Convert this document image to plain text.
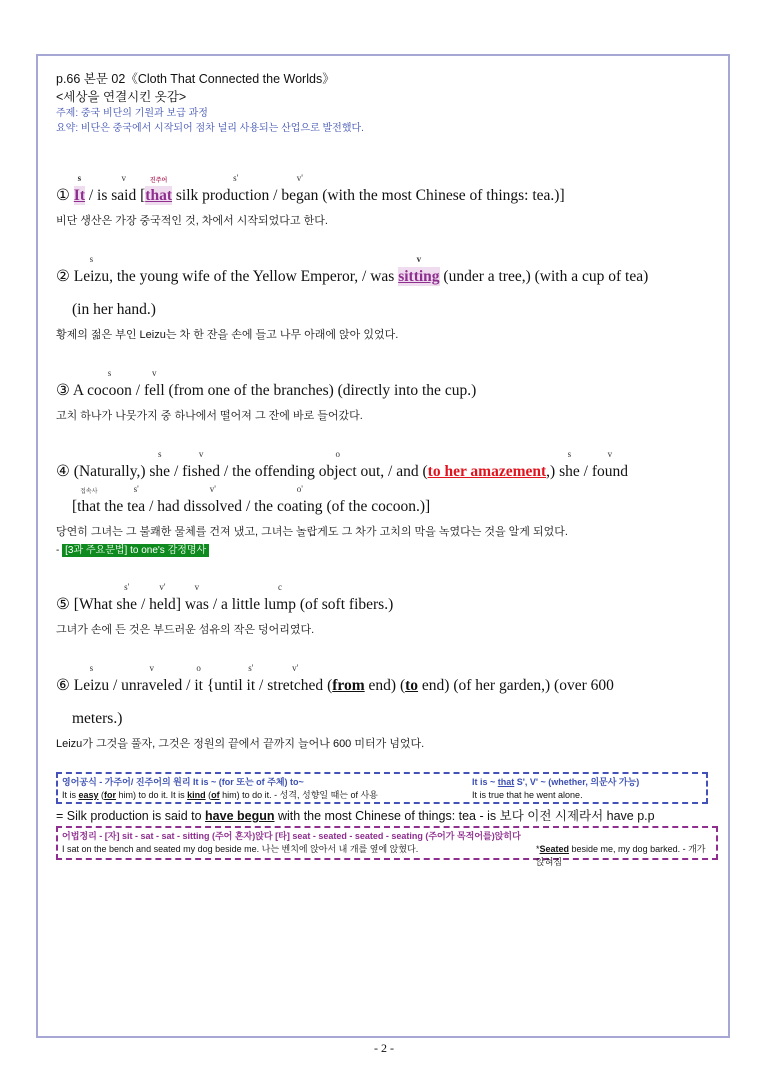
p.66 본문 02《Cloth That Connected the Worlds》
<세상을 연결시킨 옷감>
주제: 중국 비단의 기원과 보급 과정
요약: 비단은 중국에서 시작되어 점차 널리 사용되는 산업으로 발전했다.
①
s
It / is
v
said [
진주어
that silk
s'
production /
v'
began (with the most Chinese of things: tea.)]
비단 생산은 가장 중국적인 것, 차에서 시작되었다고 한다.
②
s
Leizu, the young wife of the Yellow Emperor, / was
v
sitting (under a tree,) (with a cup of tea)
(in her hand.)
황제의 젊은 부인 Leizu는 차 한 잔을 손에 들고 나무 아래에 앉아 있었다.
③ A
s
cocoon /
v
fell (from one of the branches) (directly into the cup.)
고치 하나가 나뭇가지 중 하나에서 떨어져 그 잔에 바로 들어갔다.
④ (Naturally,)
s
she /
v
fished / the offending
o
object out, / and (to her amazement,)
s
she /
v
found
[
접속사
that the
s'
tea / had
v'
dissolved / the
o'
coating (of the cocoon.)]
당연히 그녀는 그 불쾌한 물체를 건져 냈고, 그녀는 놀랍게도 그 차가 고치의 막을 녹였다는 것을 알게 되었다.
- [3과 주요문법] to one's 감정명사
⑤ [What
s'
she /
v'
held]
v
was / a little
c
lump (of soft fibers.)
그녀가 손에 든 것은 부드러운 섬유의 작은 덩어리였다.
⑥
s
Leizu /
v
unraveled /
o
it {until
s'
it /
v'
stretched (from end) (to end) (of her garden,) (over 600
meters.)
Leizu가 그것을 풀자, 그것은 정원의 끝에서 끝까지 늘어나 600 미터가 넘었다.
영어공식 - 가주어/ 진주어의 원리 It is ~ (for 또는 of 주체) to~	It is ~ that S', V' ~ (whether, 의문사 가능)
It is easy (for him) to do it. It is kind (of him) to do it. - 성격, 성향일 때는 of 사용	It is true that he went alone.
= Silk production is said to have begun with the most Chinese of things: tea - is 보다 이전 시제라서 have p.p
어법정리 - [자] sit - sat - sat - sitting (주어 혼자)앉다 [타] seat - seated - seated - seating (주어가 목적어를)앉히다
I sat on the bench and seated my dog beside me. 나는 벤치에 앉아서 내 개를 옆에 앉혔다.	*Seated beside me, my dog barked. - 개가 앉혀짐
- 2 -
